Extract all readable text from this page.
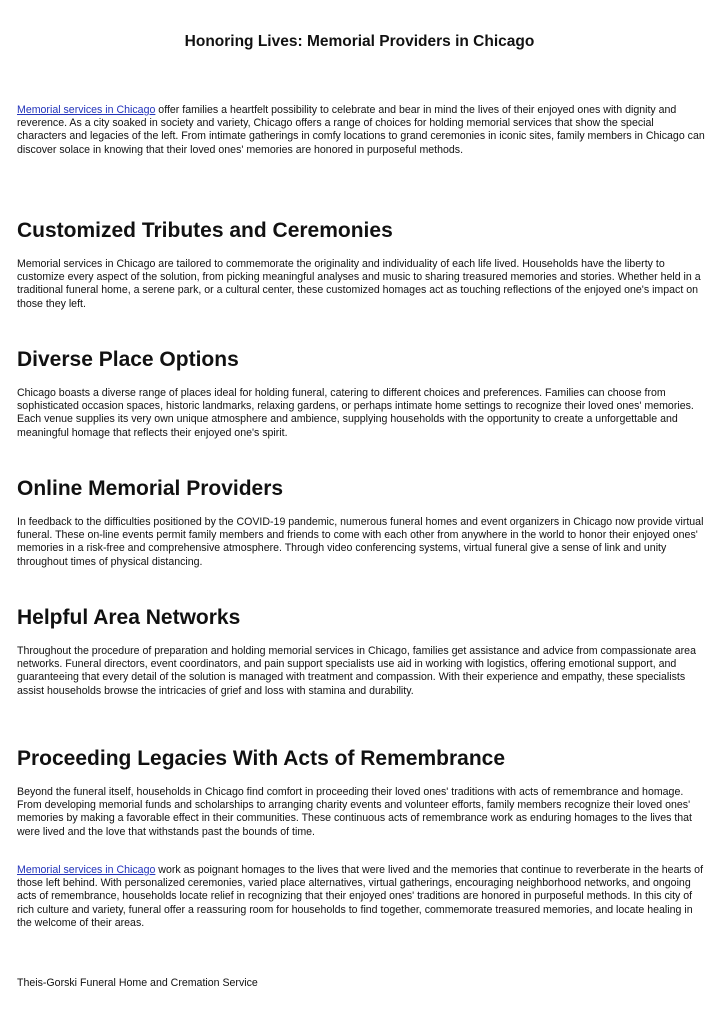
Honoring Lives: Memorial Providers in Chicago

Memorial services in Chicago offer families a heartfelt possibility to celebrate and bear in mind the lives of their enjoyed ones with dignity and reverence. As a city soaked in society and variety, Chicago offers a range of choices for holding memorial services that show the special characters and legacies of the left. From intimate gatherings in comfy locations to grand ceremonies in iconic sites, family members in Chicago can discover solace in knowing that their loved ones' memories are honored in purposeful methods.

Customized Tributes and Ceremonies

Memorial services in Chicago are tailored to commemorate the originality and individuality of each life lived. Households have the liberty to customize every aspect of the solution, from picking meaningful analyses and music to sharing treasured memories and stories. Whether held in a traditional funeral home, a serene park, or a cultural center, these customized homages act as touching reflections of the enjoyed one's impact on those they left.

Diverse Place Options

Chicago boasts a diverse range of places ideal for holding funeral, catering to different choices and preferences. Families can choose from sophisticated occasion spaces, historic landmarks, relaxing gardens, or perhaps intimate home settings to recognize their loved ones' memories. Each venue supplies its very own unique atmosphere and ambience, supplying households with the opportunity to create a unforgettable and meaningful homage that reflects their enjoyed one's spirit.

Online Memorial Providers

In feedback to the difficulties positioned by the COVID-19 pandemic, numerous funeral homes and event organizers in Chicago now provide virtual funeral. These on-line events permit family members and friends to come with each other from anywhere in the world to honor their enjoyed ones' memories in a risk-free and comprehensive atmosphere. Through video conferencing systems, virtual funeral give a sense of link and unity throughout times of physical distancing.

Helpful Area Networks

Throughout the procedure of preparation and holding memorial services in Chicago, families get assistance and advice from compassionate area networks. Funeral directors, event coordinators, and pain support specialists use aid in working with logistics, offering emotional support, and guaranteeing that every detail of the solution is managed with treatment and compassion. With their experience and empathy, these specialists assist households browse the intricacies of grief and loss with stamina and durability.

Proceeding Legacies With Acts of Remembrance

Beyond the funeral itself, households in Chicago find comfort in proceeding their loved ones' traditions with acts of remembrance and homage. From developing memorial funds and scholarships to arranging charity events and volunteer efforts, family members recognize their loved ones' memories by making a favorable effect in their communities. These continuous acts of remembrance work as enduring homages to the lives that were lived and the love that withstands past the bounds of time.

Memorial services in Chicago work as poignant homages to the lives that were lived and the memories that continue to reverberate in the hearts of those left behind. With personalized ceremonies, varied place alternatives, virtual gatherings, encouraging neighborhood networks, and ongoing acts of remembrance, households locate relief in recognizing that their enjoyed ones' traditions are honored in purposeful methods. In this city of rich culture and variety, funeral offer a reassuring room for households to find together, commemorate treasured memories, and locate healing in the welcome of their areas.

Theis-Gorski Funeral Home and Cremation Service
